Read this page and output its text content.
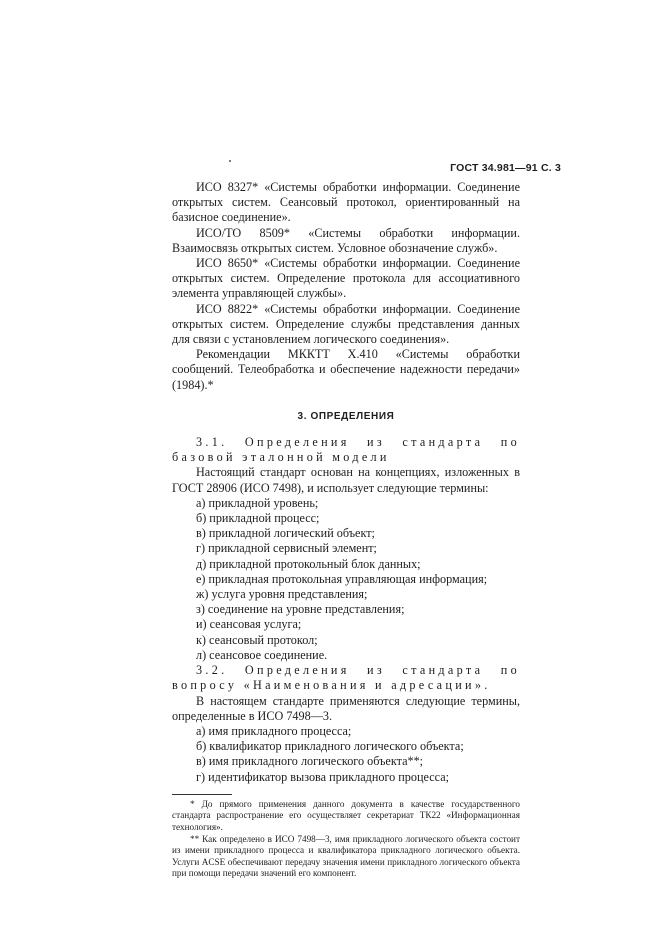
ГОСТ 34.981—91 С. 3

ИСО 8327* «Системы обработки информации. Соединение открытых систем. Сеансовый протокол, ориентированный на базисное соединение».

ИСО/ТО 8509* «Системы обработки информации. Взаимосвязь открытых систем. Условное обозначение служб».

ИСО 8650* «Системы обработки информации. Соединение открытых систем. Определение протокола для ассоциативного элемента управляющей службы».

ИСО 8822* «Системы обработки информации. Соединение открытых систем. Определение службы представления данных для связи с установлением логического соединения».

Рекомендации МККТТ Х.410 «Системы обработки сообщений. Телеобработка и обеспечение надежности передачи» (1984).*

3. ОПРЕДЕЛЕНИЯ

3.1. Определения из стандарта по базовой эталонной модели

Настоящий стандарт основан на концепциях, изложенных в ГОСТ 28906 (ИСО 7498), и использует следующие термины:

а) прикладной уровень;

б) прикладной процесс;

в) прикладной логический объект;

г) прикладной сервисный элемент;

д) прикладной протокольный блок данных;

е) прикладная протокольная управляющая информация;

ж) услуга уровня представления;

з) соединение на уровне представления;

и) сеансовая услуга;

к) сеансовый протокол;

л) сеансовое соединение.

3.2. Определения из стандарта по вопросу «Наименования и адресации».

В настоящем стандарте применяются следующие термины, определенные в ИСО 7498—3.

а) имя прикладного процесса;

б) квалификатор прикладного логического объекта;

в) имя прикладного логического объекта**;

г) идентификатор вызова прикладного процесса;

* До прямого применения данного документа в качестве государственного стандарта распространение его осуществляет секретариат ТК22 «Информационная технология».

** Как определено в ИСО 7498—3, имя прикладного логического объекта состоит из имени прикладного процесса и квалификатора прикладного логического объекта. Услуги ACSE обеспечивают передачу значения имени прикладного логического объекта при помощи передачи значений его компонент.
